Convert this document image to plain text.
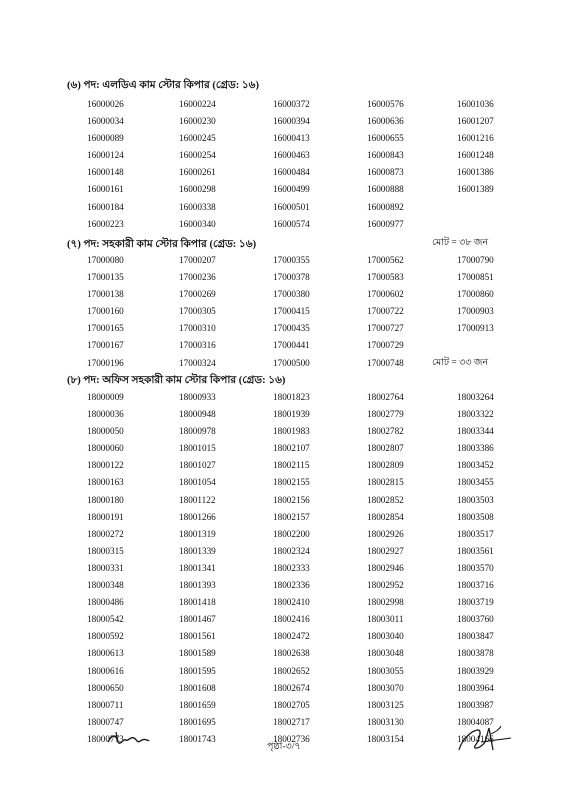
(৬) পদ: এলডিএ কাম স্টোর কিপার (গ্রেড: ১৬)
16000026	16000224	16000372	16000576	16001036
16000034	16000230	16000394	16000636	16001207
16000089	16000245	16000413	16000655	16001216
16000124	16000254	16000463	16000843	16001248
16000148	16000261	16000484	16000873	16001386
16000161	16000298	16000499	16000888	16001389
16000184	16000338	16000501	16000892	
16000223	16000340	16000574	16000977	
মোট = ৩৮ জন
(৭) পদ: সহকারী কাম স্টোর কিপার (গ্রেড: ১৬)
17000080	17000207	17000355	17000562	17000790
17000135	17000236	17000378	17000583	17000851
17000138	17000269	17000380	17000602	17000860
17000160	17000305	17000415	17000722	17000903
17000165	17000310	17000435	17000727	17000913
17000167	17000316	17000441	17000729	
17000196	17000324	17000500	17000748		মোট = ৩৩ জন
(৮) পদ: অফিস সহকারী কাম স্টোর কিপার (গ্রেড: ১৬)
18000009	18000933	18001823	18002764	18003264
18000036	18000948	18001939	18002779	18003322
18000050	18000978	18001983	18002782	18003344
18000060	18001015	18002107	18002807	18003386
18000122	18001027	18002115	18002809	18003452
18000163	18001054	18002155	18002815	18003455
18000180	18001122	18002156	18002852	18003503
18000191	18001266	18002157	18002854	18003508
18000272	18001319	18002200	18002926	18003517
18000315	18001339	18002324	18002927	18003561
18000331	18001341	18002333	18002946	18003570
18000348	18001393	18002336	18002952	18003716
18000486	18001418	18002410	18002998	18003719
18000542	18001467	18002416	18003011	18003760
18000592	18001561	18002472	18003040	18003847
18000613	18001589	18002638	18003048	18003878
18000616	18001595	18002652	18003055	18003929
18000650	18001608	18002674	18003070	18003964
18000711	18001659	18002705	18003125	18003987
18000747	18001695	18002717	18003130	18004087
18000773	18001743	18002736	18003154	18004166
পৃষ্ঠা-৩/৭
